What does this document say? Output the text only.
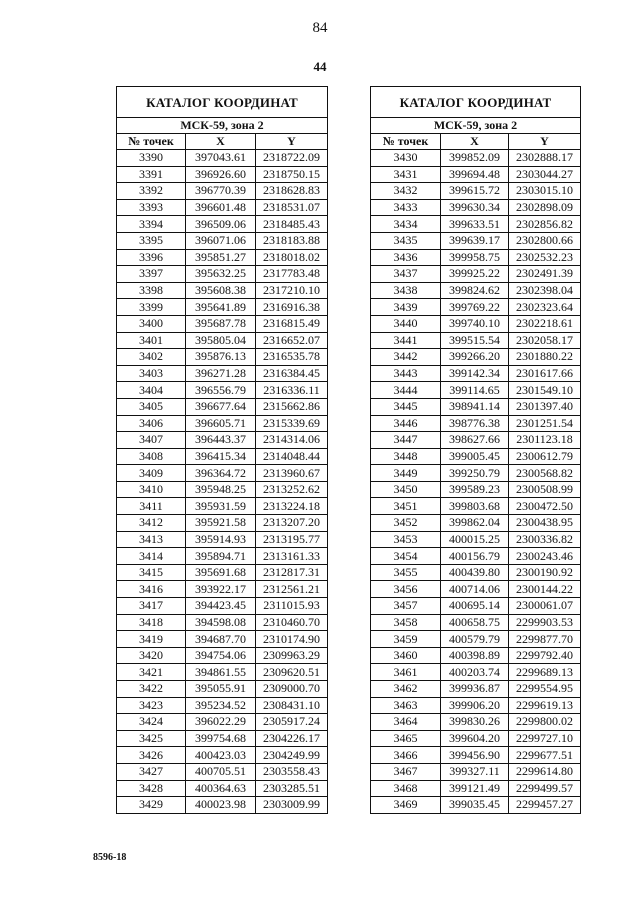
84
44
КАТАЛОГ КООРДИНАТ		
МСК-59, зона 2		
№ точек	X	Y
3390	397043.61	2318722.09
3391	396926.60	2318750.15
3392	396770.39	2318628.83
3393	396601.48	2318531.07
3394	396509.06	2318485.43
3395	396071.06	2318183.88
3396	395851.27	2318018.02
3397	395632.25	2317783.48
3398	395608.38	2317210.10
3399	395641.89	2316916.38
3400	395687.78	2316815.49
3401	395805.04	2316652.07
3402	395876.13	2316535.78
3403	396271.28	2316384.45
3404	396556.79	2316336.11
3405	396677.64	2315662.86
3406	396605.71	2315339.69
3407	396443.37	2314314.06
3408	396415.34	2314048.44
3409	396364.72	2313960.67
3410	395948.25	2313252.62
3411	395931.59	2313224.18
3412	395921.58	2313207.20
3413	395914.93	2313195.77
3414	395894.71	2313161.33
3415	395691.68	2312817.31
3416	393922.17	2312561.21
3417	394423.45	2311015.93
3418	394598.08	2310460.70
3419	394687.70	2310174.90
3420	394754.06	2309963.29
3421	394861.55	2309620.51
3422	395055.91	2309000.70
3423	395234.52	2308431.10
3424	396022.29	2305917.24
3425	399754.68	2304226.17
3426	400423.03	2304249.99
3427	400705.51	2303558.43
3428	400364.63	2303285.51
3429	400023.98	2303009.99
КАТАЛОГ КООРДИНАТ		
МСК-59, зона 2		
№ точек	X	Y
3430	399852.09	2302888.17
3431	399694.48	2303044.27
3432	399615.72	2303015.10
3433	399630.34	2302898.09
3434	399633.51	2302856.82
3435	399639.17	2302800.66
3436	399958.75	2302532.23
3437	399925.22	2302491.39
3438	399824.62	2302398.04
3439	399769.22	2302323.64
3440	399740.10	2302218.61
3441	399515.54	2302058.17
3442	399266.20	2301880.22
3443	399142.34	2301617.66
3444	399114.65	2301549.10
3445	398941.14	2301397.40
3446	398776.38	2301251.54
3447	398627.66	2301123.18
3448	399005.45	2300612.79
3449	399250.79	2300568.82
3450	399589.23	2300508.99
3451	399803.68	2300472.50
3452	399862.04	2300438.95
3453	400015.25	2300336.82
3454	400156.79	2300243.46
3455	400439.80	2300190.92
3456	400714.06	2300144.22
3457	400695.14	2300061.07
3458	400658.75	2299903.53
3459	400579.79	2299877.70
3460	400398.89	2299792.40
3461	400203.74	2299689.13
3462	399936.87	2299554.95
3463	399906.20	2299619.13
3464	399830.26	2299800.02
3465	399604.20	2299727.10
3466	399456.90	2299677.51
3467	399327.11	2299614.80
3468	399121.49	2299499.57
3469	399035.45	2299457.27
8596-18
